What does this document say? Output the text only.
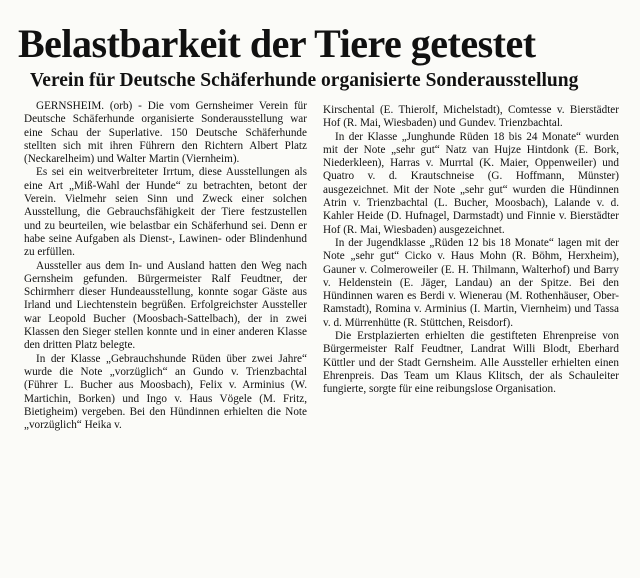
Belastbarkeit der Tiere getestet
Verein für Deutsche Schäferhunde organisierte Sonderausstellung

GERNSHEIM. (orb) - Die vom Gernsheimer Verein für Deutsche Schäferhunde organisierte Sonderausstellung war eine Schau der Superlative. 150 Deutsche Schäferhunde stellten sich mit ihren Führern den Richtern Albert Platz (Neckarelheim) und Walter Martin (Viernheim).

Es sei ein weitverbreiteter Irrtum, diese Ausstellungen als eine Art „Miß-Wahl der Hunde“ zu betrachten, betont der Verein. Vielmehr seien Sinn und Zweck einer solchen Ausstellung, die Gebrauchsfähigkeit der Tiere festzustellen und zu beurteilen, wie belastbar ein Schäferhund sei. Denn er habe seine Aufgaben als Dienst-, Lawinen- oder Blindenhund zu erfüllen.

Aussteller aus dem In- und Ausland hatten den Weg nach Gernsheim gefunden. Bürgermeister Ralf Feudtner, der Schirmherr dieser Hundeausstellung, konnte sogar Gäste aus Irland und Liechtenstein begrüßen. Erfolgreichster Aussteller war Leopold Bucher (Moosbach-Sattelbach), der in zwei Klassen den Sieger stellen konnte und in einer anderen Klasse den dritten Platz belegte.

In der Klasse „Gebrauchshunde Rüden über zwei Jahre“ wurde die Note „vorzüglich“ an Gundo v. Trienzbachtal (Führer L. Bucher aus Moosbach), Felix v. Arminius (W. Martichin, Borken) und Ingo v. Haus Vögele (M. Fritz, Bietigheim) vergeben. Bei den Hündinnen erhielten die Note „vorzüglich“ Heika v.

Kirschental (E. Thierolf, Michelstadt), Comtesse v. Bierstädter Hof (R. Mai, Wiesbaden) und Gundev. Trienzbachtal.

In der Klasse „Junghunde Rüden 18 bis 24 Monate“ wurden mit der Note „sehr gut“ Natz van Hujze Hintdonk (E. Bork, Niederkleen), Harras v. Murrtal (K. Maier, Oppenweiler) und Quatro v. d. Krautschneise (G. Hoffmann, Münster) ausgezeichnet. Mit der Note „sehr gut“ wurden die Hündinnen Atrin v. Trienzbachtal (L. Bucher, Moosbach), Lalande v. d. Kahler Heide (D. Hufnagel, Darmstadt) und Finnie v. Bierstädter Hof (R. Mai, Wiesbaden) ausgezeichnet.

In der Jugendklasse „Rüden 12 bis 18 Monate“ lagen mit der Note „sehr gut“ Cicko v. Haus Mohn (R. Böhm, Herxheim), Gauner v. Colmeroweiler (E. H. Thilmann, Walterhof) und Barry v. Heldenstein (E. Jäger, Landau) an der Spitze. Bei den Hündinnen waren es Berdi v. Wienerau (M. Rothenhäuser, Ober-Ramstadt), Romina v. Arminius (I. Martin, Viernheim) und Tassa v. d. Mürrenhütte (R. Stüttchen, Reisdorf).

Die Erstplazierten erhielten die gestifteten Ehrenpreise von Bürgermeister Ralf Feudtner, Landrat Willi Blodt, Eberhard Küttler und der Stadt Gernsheim. Alle Aussteller erhielten einen Ehrenpreis. Das Team um Klaus Klitsch, der als Schauleiter fungierte, sorgte für eine reibungslose Organisation.
